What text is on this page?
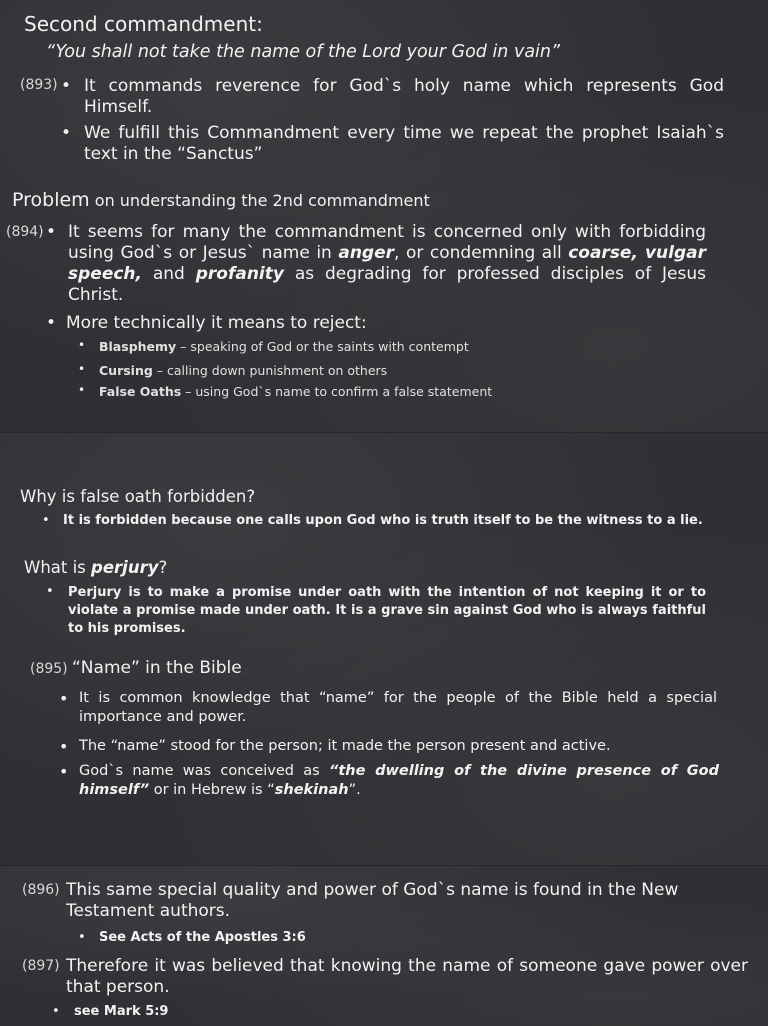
Second commandment:
“You shall not take the name of the Lord your God in vain”
(893) • It commands reverence for God`s holy name which represents God Himself.
• We fulfill this Commandment every time we repeat the prophet Isaiah`s text in the “Sanctus”
Problem on understanding the 2nd commandment
(894) • It seems for many the commandment is concerned only with forbidding using God`s or Jesus` name in anger, or condemning all coarse, vulgar speech, and profanity as degrading for professed disciples of Jesus Christ.
• More technically it means to reject:
• Blasphemy – speaking of God or the saints with contempt
• Cursing – calling down punishment on others
• False Oaths – using God`s name to confirm a false statement
Why is false oath forbidden?
• It is forbidden because one calls upon God who is truth itself to be the witness to a lie.
What is perjury?
• Perjury is to make a promise under oath with the intention of not keeping it or to violate a promise made under oath. It is a grave sin against God who is always faithful to his promises.
(895) “Name” in the Bible
• It is common knowledge that “name” for the people of the Bible held a special importance and power.
• The “name” stood for the person; it made the person present and active.
• God`s name was conceived as “the dwelling of the divine presence of God himself” or in Hebrew is “shekinah”.
(896) This same special quality and power of God`s name is found in the New Testament authors.
• See Acts of the Apostles 3:6
(897) Therefore it was believed that knowing the name of someone gave power over that person.
• see Mark 5:9
